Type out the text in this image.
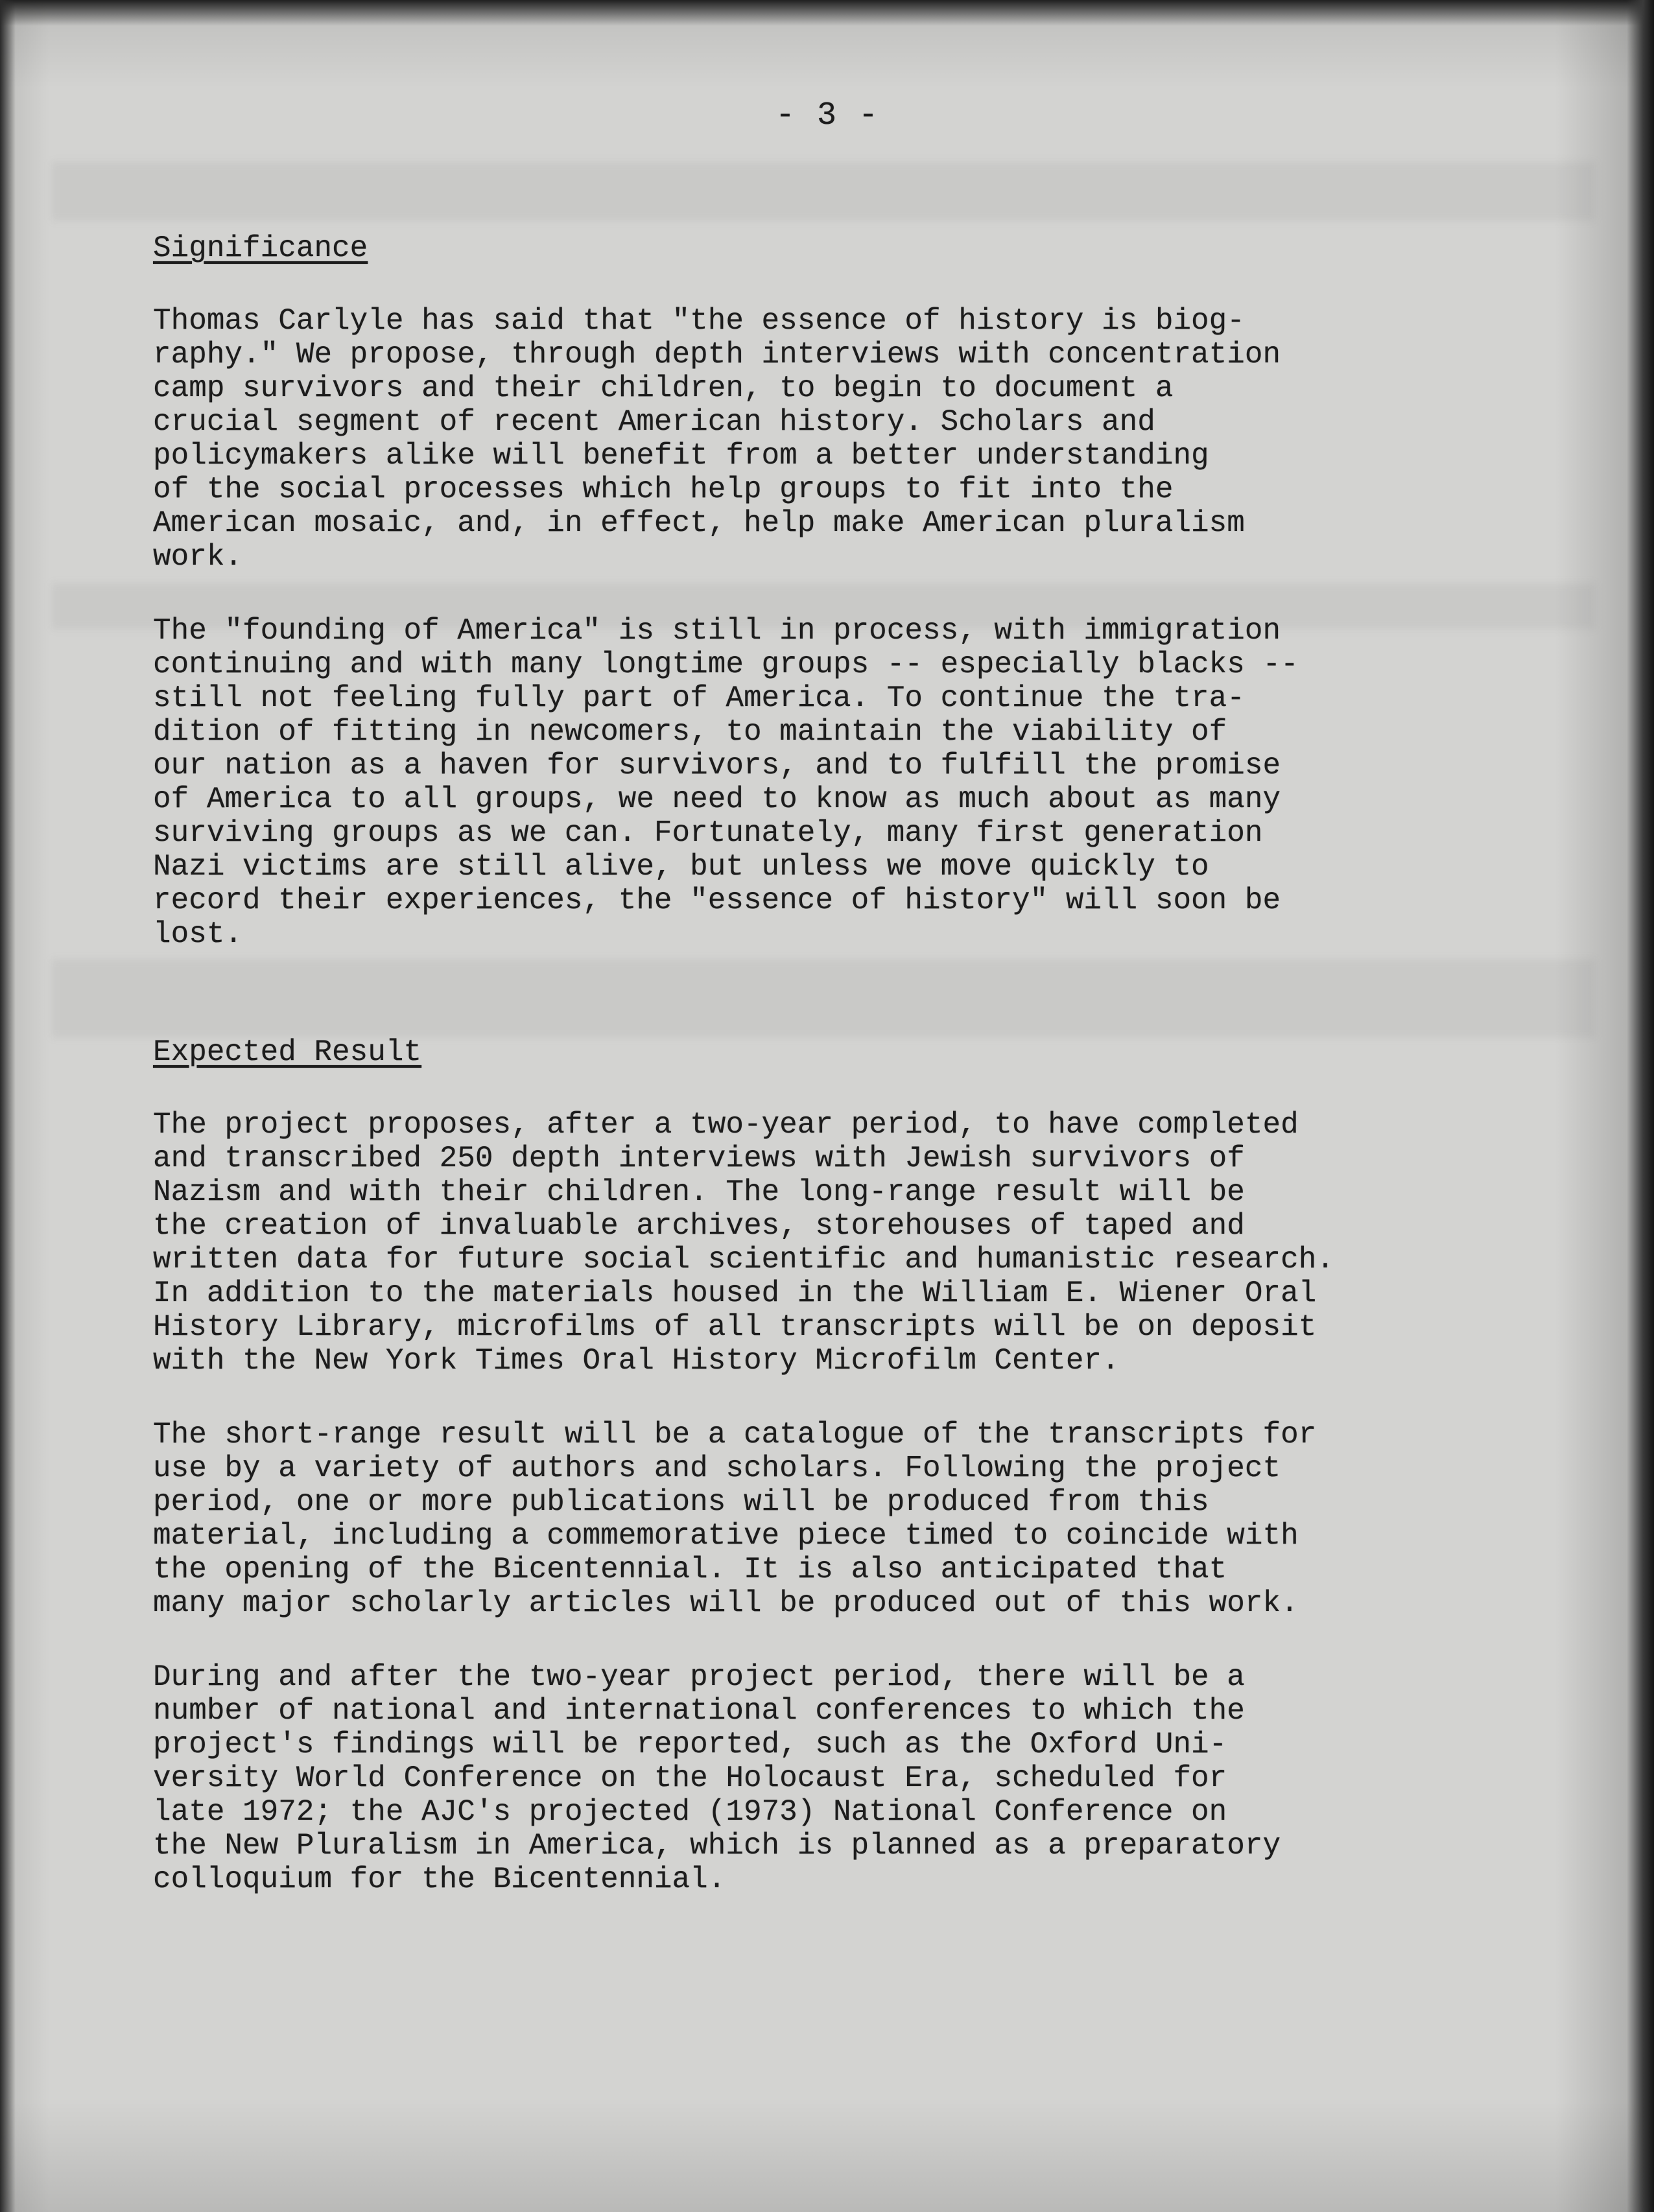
- 3 -
Significance
Thomas Carlyle has said that "the essence of history is biog-
raphy." We propose, through depth interviews with concentration
camp survivors and their children, to begin to document a
crucial segment of recent American history. Scholars and
policymakers alike will benefit from a better understanding
of the social processes which help groups to fit into the
American mosaic, and, in effect, help make American pluralism
work.
The "founding of America" is still in process, with immigration
continuing and with many longtime groups -- especially blacks --
still not feeling fully part of America. To continue the tra-
dition of fitting in newcomers, to maintain the viability of
our nation as a haven for survivors, and to fulfill the promise
of America to all groups, we need to know as much about as many
surviving groups as we can. Fortunately, many first generation
Nazi victims are still alive, but unless we move quickly to
record their experiences, the "essence of history" will soon be
lost.
Expected Result
The project proposes, after a two-year period, to have completed
and transcribed 250 depth interviews with Jewish survivors of
Nazism and with their children. The long-range result will be
the creation of invaluable archives, storehouses of taped and
written data for future social scientific and humanistic research.
In addition to the materials housed in the William E. Wiener Oral
History Library, microfilms of all transcripts will be on deposit
with the New York Times Oral History Microfilm Center.
The short-range result will be a catalogue of the transcripts for
use by a variety of authors and scholars. Following the project
period, one or more publications will be produced from this
material, including a commemorative piece timed to coincide with
the opening of the Bicentennial. It is also anticipated that
many major scholarly articles will be produced out of this work.
During and after the two-year project period, there will be a
number of national and international conferences to which the
project's findings will be reported, such as the Oxford Uni-
versity World Conference on the Holocaust Era, scheduled for
late 1972; the AJC's projected (1973) National Conference on
the New Pluralism in America, which is planned as a preparatory
colloquium for the Bicentennial.
